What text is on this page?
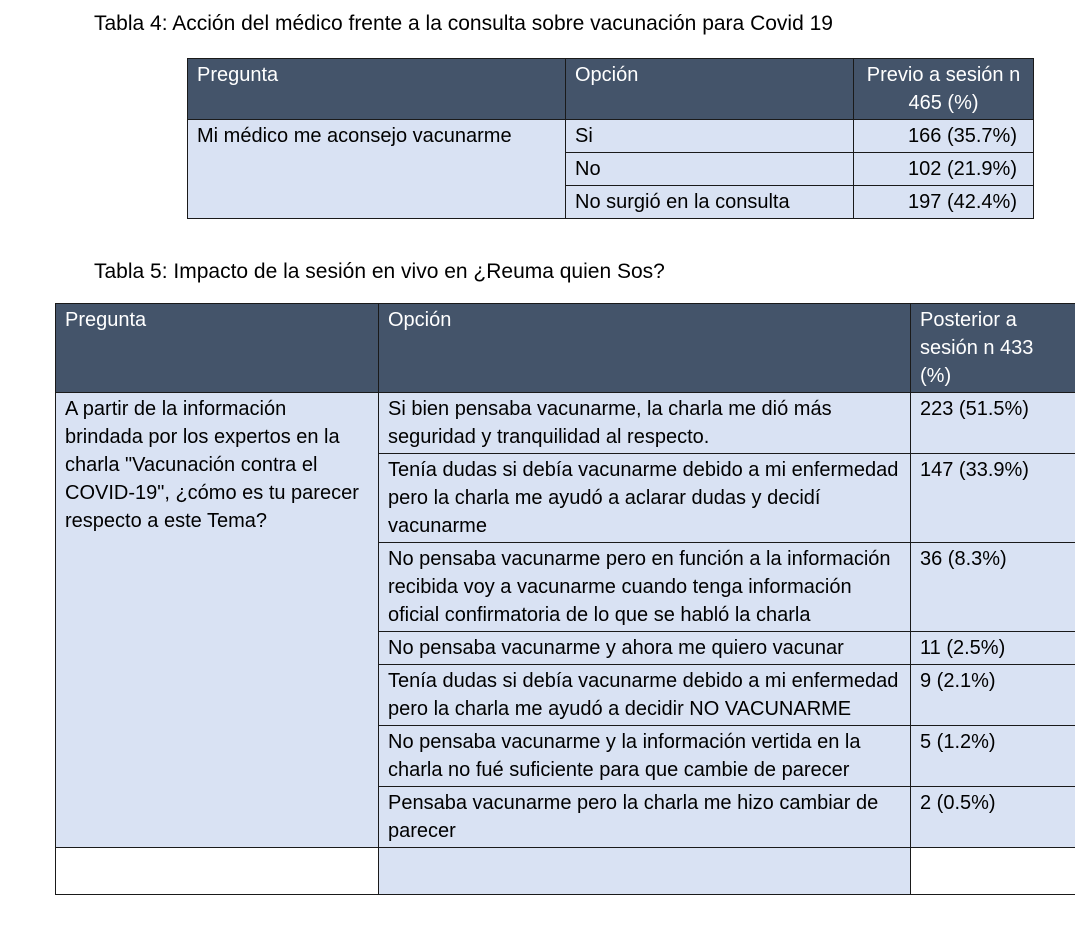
Tabla 4: Acción del médico frente a la consulta sobre vacunación para Covid 19
Pregunta	Opción	Previo a sesión n 465 (%)
Mi médico me aconsejo vacunarme	Si	166 (35.7%)
	No	102 (21.9%)
	No surgió en la consulta	197 (42.4%)
Tabla 5: Impacto de la sesión en vivo en ¿Reuma quien Sos?
Pregunta	Opción	Posterior a sesión n 433 (%)
A partir de la información brindada por los expertos en la charla "Vacunación contra el COVID-19", ¿cómo es tu parecer respecto a este Tema?	Si bien pensaba vacunarme, la charla me dió más seguridad y tranquilidad al respecto.	223 (51.5%)
	Tenía dudas si debía vacunarme debido a mi enfermedad pero la charla me ayudó a aclarar dudas y decidí vacunarme	147 (33.9%)
	No pensaba vacunarme pero en función a la información recibida voy a vacunarme cuando tenga información oficial confirmatoria de lo que se habló la charla	36 (8.3%)
	No pensaba vacunarme y ahora me quiero vacunar	11 (2.5%)
	Tenía dudas si debía vacunarme debido a mi enfermedad pero la charla me ayudó a decidir NO VACUNARME	9 (2.1%)
	No pensaba vacunarme y la información vertida en la charla no fué suficiente para que cambie de parecer	5 (1.2%)
	Pensaba vacunarme pero la charla me hizo cambiar de parecer	2 (0.5%)
